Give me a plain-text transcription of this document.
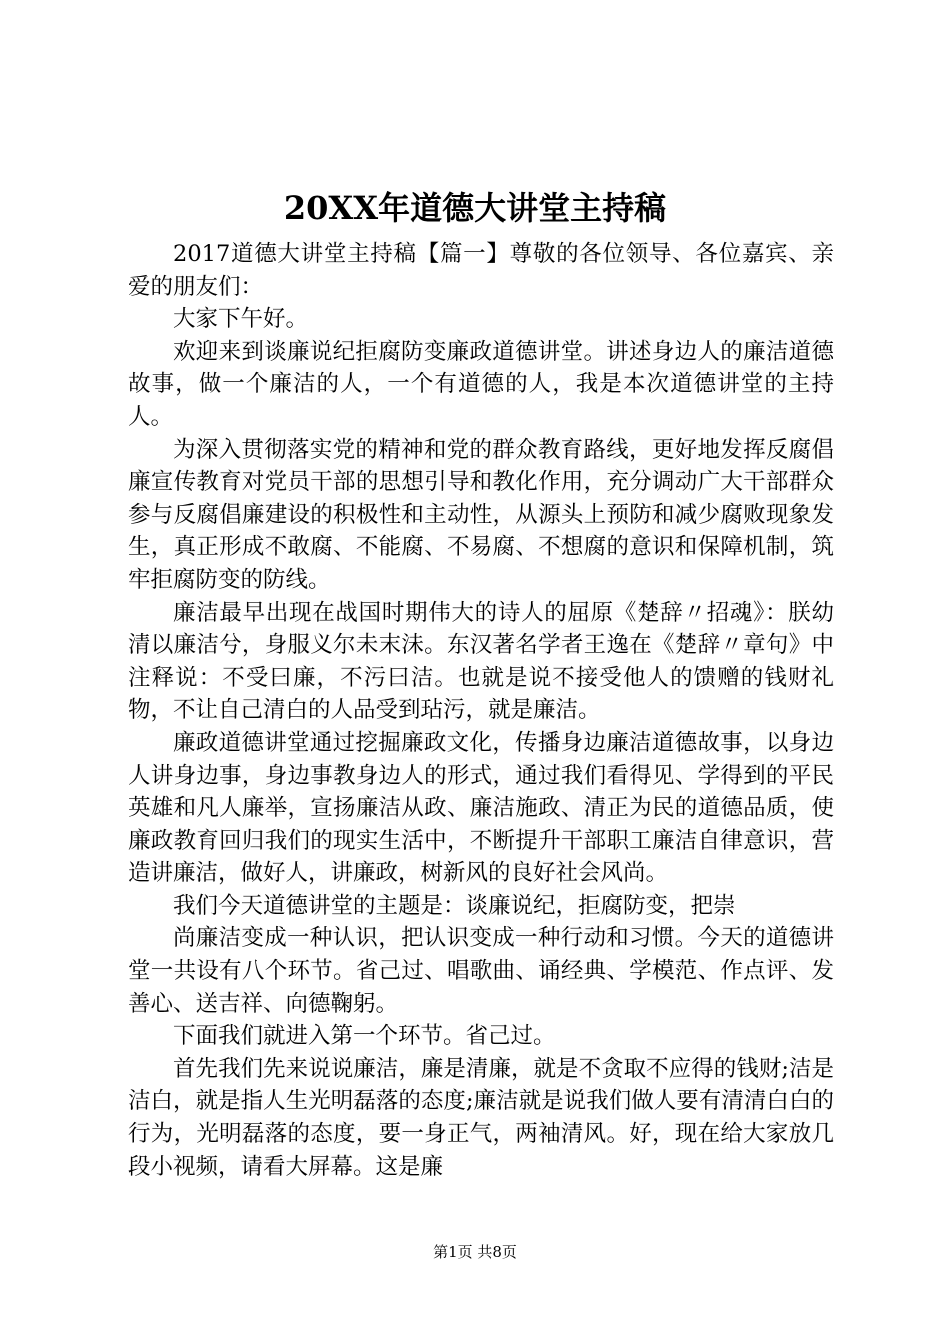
20XX年道德大讲堂主持稿

2017道德大讲堂主持稿【篇一】尊敬的各位领导、各位嘉宾、亲爱的朋友们：

大家下午好。

欢迎来到谈廉说纪拒腐防变廉政道德讲堂。讲述身边人的廉洁道德故事，做一个廉洁的人，一个有道德的人，我是本次道德讲堂的主持人。

为深入贯彻落实党的精神和党的群众教育路线，更好地发挥反腐倡廉宣传教育对党员干部的思想引导和教化作用，充分调动广大干部群众参与反腐倡廉建设的积极性和主动性，从源头上预防和减少腐败现象发生，真正形成不敢腐、不能腐、不易腐、不想腐的意识和保障机制，筑牢拒腐防变的防线。

廉洁最早出现在战国时期伟大的诗人的屈原《楚辞〃招魂》：朕幼清以廉洁兮，身服义尔未末沬。东汉著名学者王逸在《楚辞〃章句》中注释说：不受曰廉，不污曰洁。也就是说不接受他人的馈赠的钱财礼物，不让自己清白的人品受到玷污，就是廉洁。

廉政道德讲堂通过挖掘廉政文化，传播身边廉洁道德故事，以身边人讲身边事，身边事教身边人的形式，通过我们看得见、学得到的平民英雄和凡人廉举，宣扬廉洁从政、廉洁施政、清正为民的道德品质，使廉政教育回归我们的现实生活中，不断提升干部职工廉洁自律意识，营造讲廉洁，做好人，讲廉政，树新风的良好社会风尚。

我们今天道德讲堂的主题是：谈廉说纪，拒腐防变，把崇

尚廉洁变成一种认识，把认识变成一种行动和习惯。今天的道德讲堂一共设有八个环节。省己过、唱歌曲、诵经典、学模范、作点评、发善心、送吉祥、向德鞠躬。

下面我们就进入第一个环节。省己过。

首先我们先来说说廉洁，廉是清廉，就是不贪取不应得的钱财;洁是洁白，就是指人生光明磊落的态度;廉洁就是说我们做人要有清清白白的行为，光明磊落的态度，要一身正气，两袖清风。好，现在给大家放几段小视频，请看大屏幕。这是廉

第1页 共8页
